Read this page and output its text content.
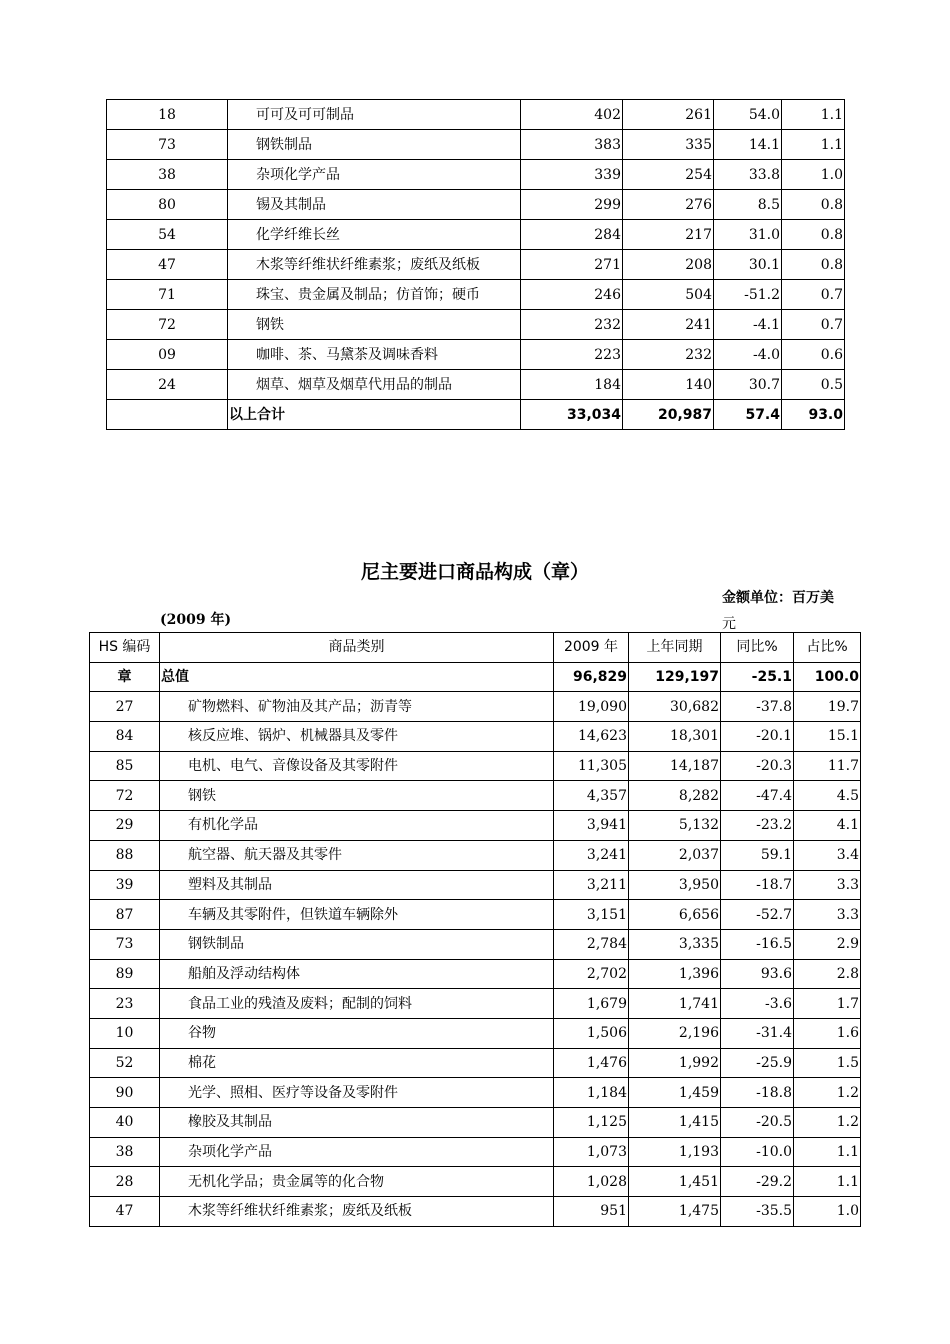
18	可可及可可制品	402	261	54.0	1.1
73	钢铁制品	383	335	14.1	1.1
38	杂项化学产品	339	254	33.8	1.0
80	锡及其制品	299	276	8.5	0.8
54	化学纤维长丝	284	217	31.0	0.8
47	木浆等纤维状纤维素浆；废纸及纸板	271	208	30.1	0.8
71	珠宝、贵金属及制品；仿首饰；硬币	246	504	-51.2	0.7
72	钢铁	232	241	-4.1	0.7
09	咖啡、茶、马黛茶及调味香料	223	232	-4.0	0.6
24	烟草、烟草及烟草代用品的制品	184	140	30.7	0.5
	以上合计	33,034	20,987	57.4	93.0
尼主要进口商品构成（章）
金额单位：百万美
元
(2009 年)
HS 编码	商品类别	2009 年	上年同期	同比%	占比%
章	总值	96,829	129,197	-25.1	100.0
27	矿物燃料、矿物油及其产品；沥青等	19,090	30,682	-37.8	19.7
84	核反应堆、锅炉、机械器具及零件	14,623	18,301	-20.1	15.1
85	电机、电气、音像设备及其零附件	11,305	14,187	-20.3	11.7
72	钢铁	4,357	8,282	-47.4	4.5
29	有机化学品	3,941	5,132	-23.2	4.1
88	航空器、航天器及其零件	3,241	2,037	59.1	3.4
39	塑料及其制品	3,211	3,950	-18.7	3.3
87	车辆及其零附件，但铁道车辆除外	3,151	6,656	-52.7	3.3
73	钢铁制品	2,784	3,335	-16.5	2.9
89	船舶及浮动结构体	2,702	1,396	93.6	2.8
23	食品工业的残渣及废料；配制的饲料	1,679	1,741	-3.6	1.7
10	谷物	1,506	2,196	-31.4	1.6
52	棉花	1,476	1,992	-25.9	1.5
90	光学、照相、医疗等设备及零附件	1,184	1,459	-18.8	1.2
40	橡胶及其制品	1,125	1,415	-20.5	1.2
38	杂项化学产品	1,073	1,193	-10.0	1.1
28	无机化学品；贵金属等的化合物	1,028	1,451	-29.2	1.1
47	木浆等纤维状纤维素浆；废纸及纸板	951	1,475	-35.5	1.0
